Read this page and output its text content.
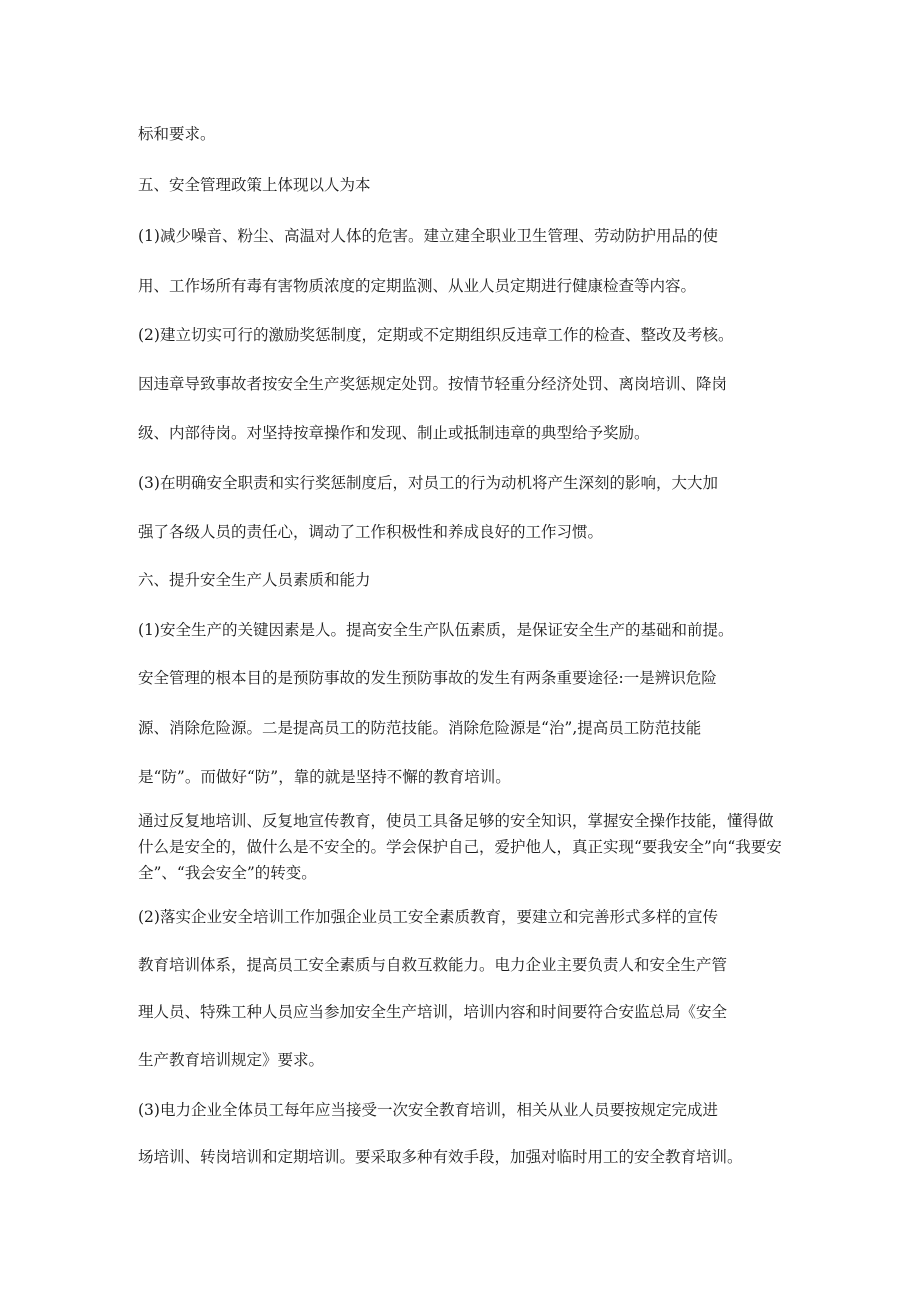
标和要求。
五、安全管理政策上体现以人为本
(1)减少噪音、粉尘、高温对人体的危害。建立建全职业卫生管理、劳动防护用品的使
用、工作场所有毒有害物质浓度的定期监测、从业人员定期进行健康检查等内容。
(2)建立切实可行的激励奖惩制度，定期或不定期组织反违章工作的检查、整改及考核。
因违章导致事故者按安全生产奖惩规定处罚。按情节轻重分经济处罚、离岗培训、降岗
级、内部待岗。对坚持按章操作和发现、制止或抵制违章的典型给予奖励。
(3)在明确安全职责和实行奖惩制度后，对员工的行为动机将产生深刻的影响，大大加
强了各级人员的责任心，调动了工作积极性和养成良好的工作习惯。
六、提升安全生产人员素质和能力
(1)安全生产的关键因素是人。提高安全生产队伍素质，是保证安全生产的基础和前提。
安全管理的根本目的是预防事故的发生预防事故的发生有两条重要途径:一是辨识危险
源、消除危险源。二是提高员工的防范技能。消除危险源是“治”,提高员工防范技能
是“防”。而做好“防”，靠的就是坚持不懈的教育培训。
通过反复地培训、反复地宣传教育，使员工具备足够的安全知识，掌握安全操作技能，懂得做什么是安全的，做什么是不安全的。学会保护自己，爱护他人，真正实现“要我安全”向“我要安全”、“我会安全”的转变。
(2)落实企业安全培训工作加强企业员工安全素质教育，要建立和完善形式多样的宣传
教育培训体系，提高员工安全素质与自救互救能力。电力企业主要负责人和安全生产管
理人员、特殊工种人员应当参加安全生产培训，培训内容和时间要符合安监总局《安全
生产教育培训规定》要求。
(3)电力企业全体员工每年应当接受一次安全教育培训，相关从业人员要按规定完成进
场培训、转岗培训和定期培训。要采取多种有效手段，加强对临时用工的安全教育培训。
